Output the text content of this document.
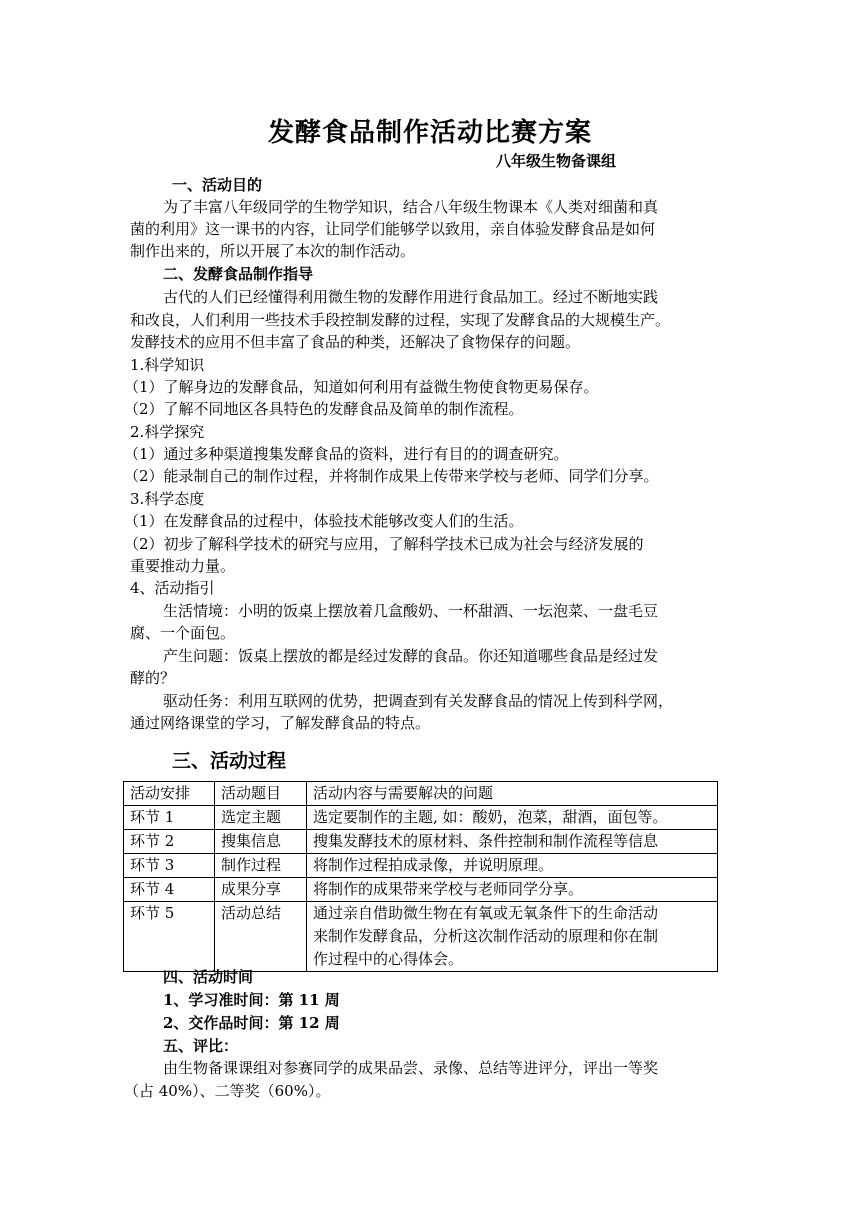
发酵食品制作活动比赛方案
八年级生物备课组
一、活动目的
为了丰富八年级同学的生物学知识，结合八年级生物课本《人类对细菌和真
菌的利用》这一课书的内容，让同学们能够学以致用，亲自体验发酵食品是如何
制作出来的，所以开展了本次的制作活动。
二、发酵食品制作指导
古代的人们已经懂得利用微生物的发酵作用进行食品加工。经过不断地实践
和改良，人们利用一些技术手段控制发酵的过程，实现了发酵食品的大规模生产。
发酵技术的应用不但丰富了食品的种类，还解决了食物保存的问题。
1.科学知识
（1）了解身边的发酵食品，知道如何利用有益微生物使食物更易保存。
（2）了解不同地区各具特色的发酵食品及简单的制作流程。
2.科学探究
（1）通过多种渠道搜集发酵食品的资料，进行有目的的调查研究。
（2）能录制自己的制作过程，并将制作成果上传带来学校与老师、同学们分享。
3.科学态度
（1）在发酵食品的过程中，体验技术能够改变人们的生活。
（2）初步了解科学技术的研究与应用，了解科学技术已成为社会与经济发展的
重要推动力量。
4、活动指引
生活情境：小明的饭桌上摆放着几盒酸奶、一杯甜酒、一坛泡菜、一盘毛豆
腐、一个面包。
产生问题：饭桌上摆放的都是经过发酵的食品。你还知道哪些食品是经过发
酵的？
驱动任务：利用互联网的优势，把调查到有关发酵食品的情况上传到科学网，
通过网络课堂的学习，了解发酵食品的特点。
三、活动过程
活动安排	活动题目	活动内容与需要解决的问题
环节 1	选定主题	选定要制作的主题, 如：酸奶，泡菜，甜酒，面包等。
环节 2	搜集信息	搜集发酵技术的原材料、条件控制和制作流程等信息
环节 3	制作过程	将制作过程拍成录像，并说明原理。
环节 4	成果分享	将制作的成果带来学校与老师同学分享。
环节 5	活动总结	通过亲自借助微生物在有氧或无氧条件下的生命活动
来制作发酵食品，分析这次制作活动的原理和你在制
作过程中的心得体会。
四、活动时间
1、学习准时间：第 11 周
2、交作品时间：第 12 周
五、评比：
由生物备课课组对参赛同学的成果品尝、录像、总结等进评分，评出一等奖
（占 40%）、二等奖（60%）。
